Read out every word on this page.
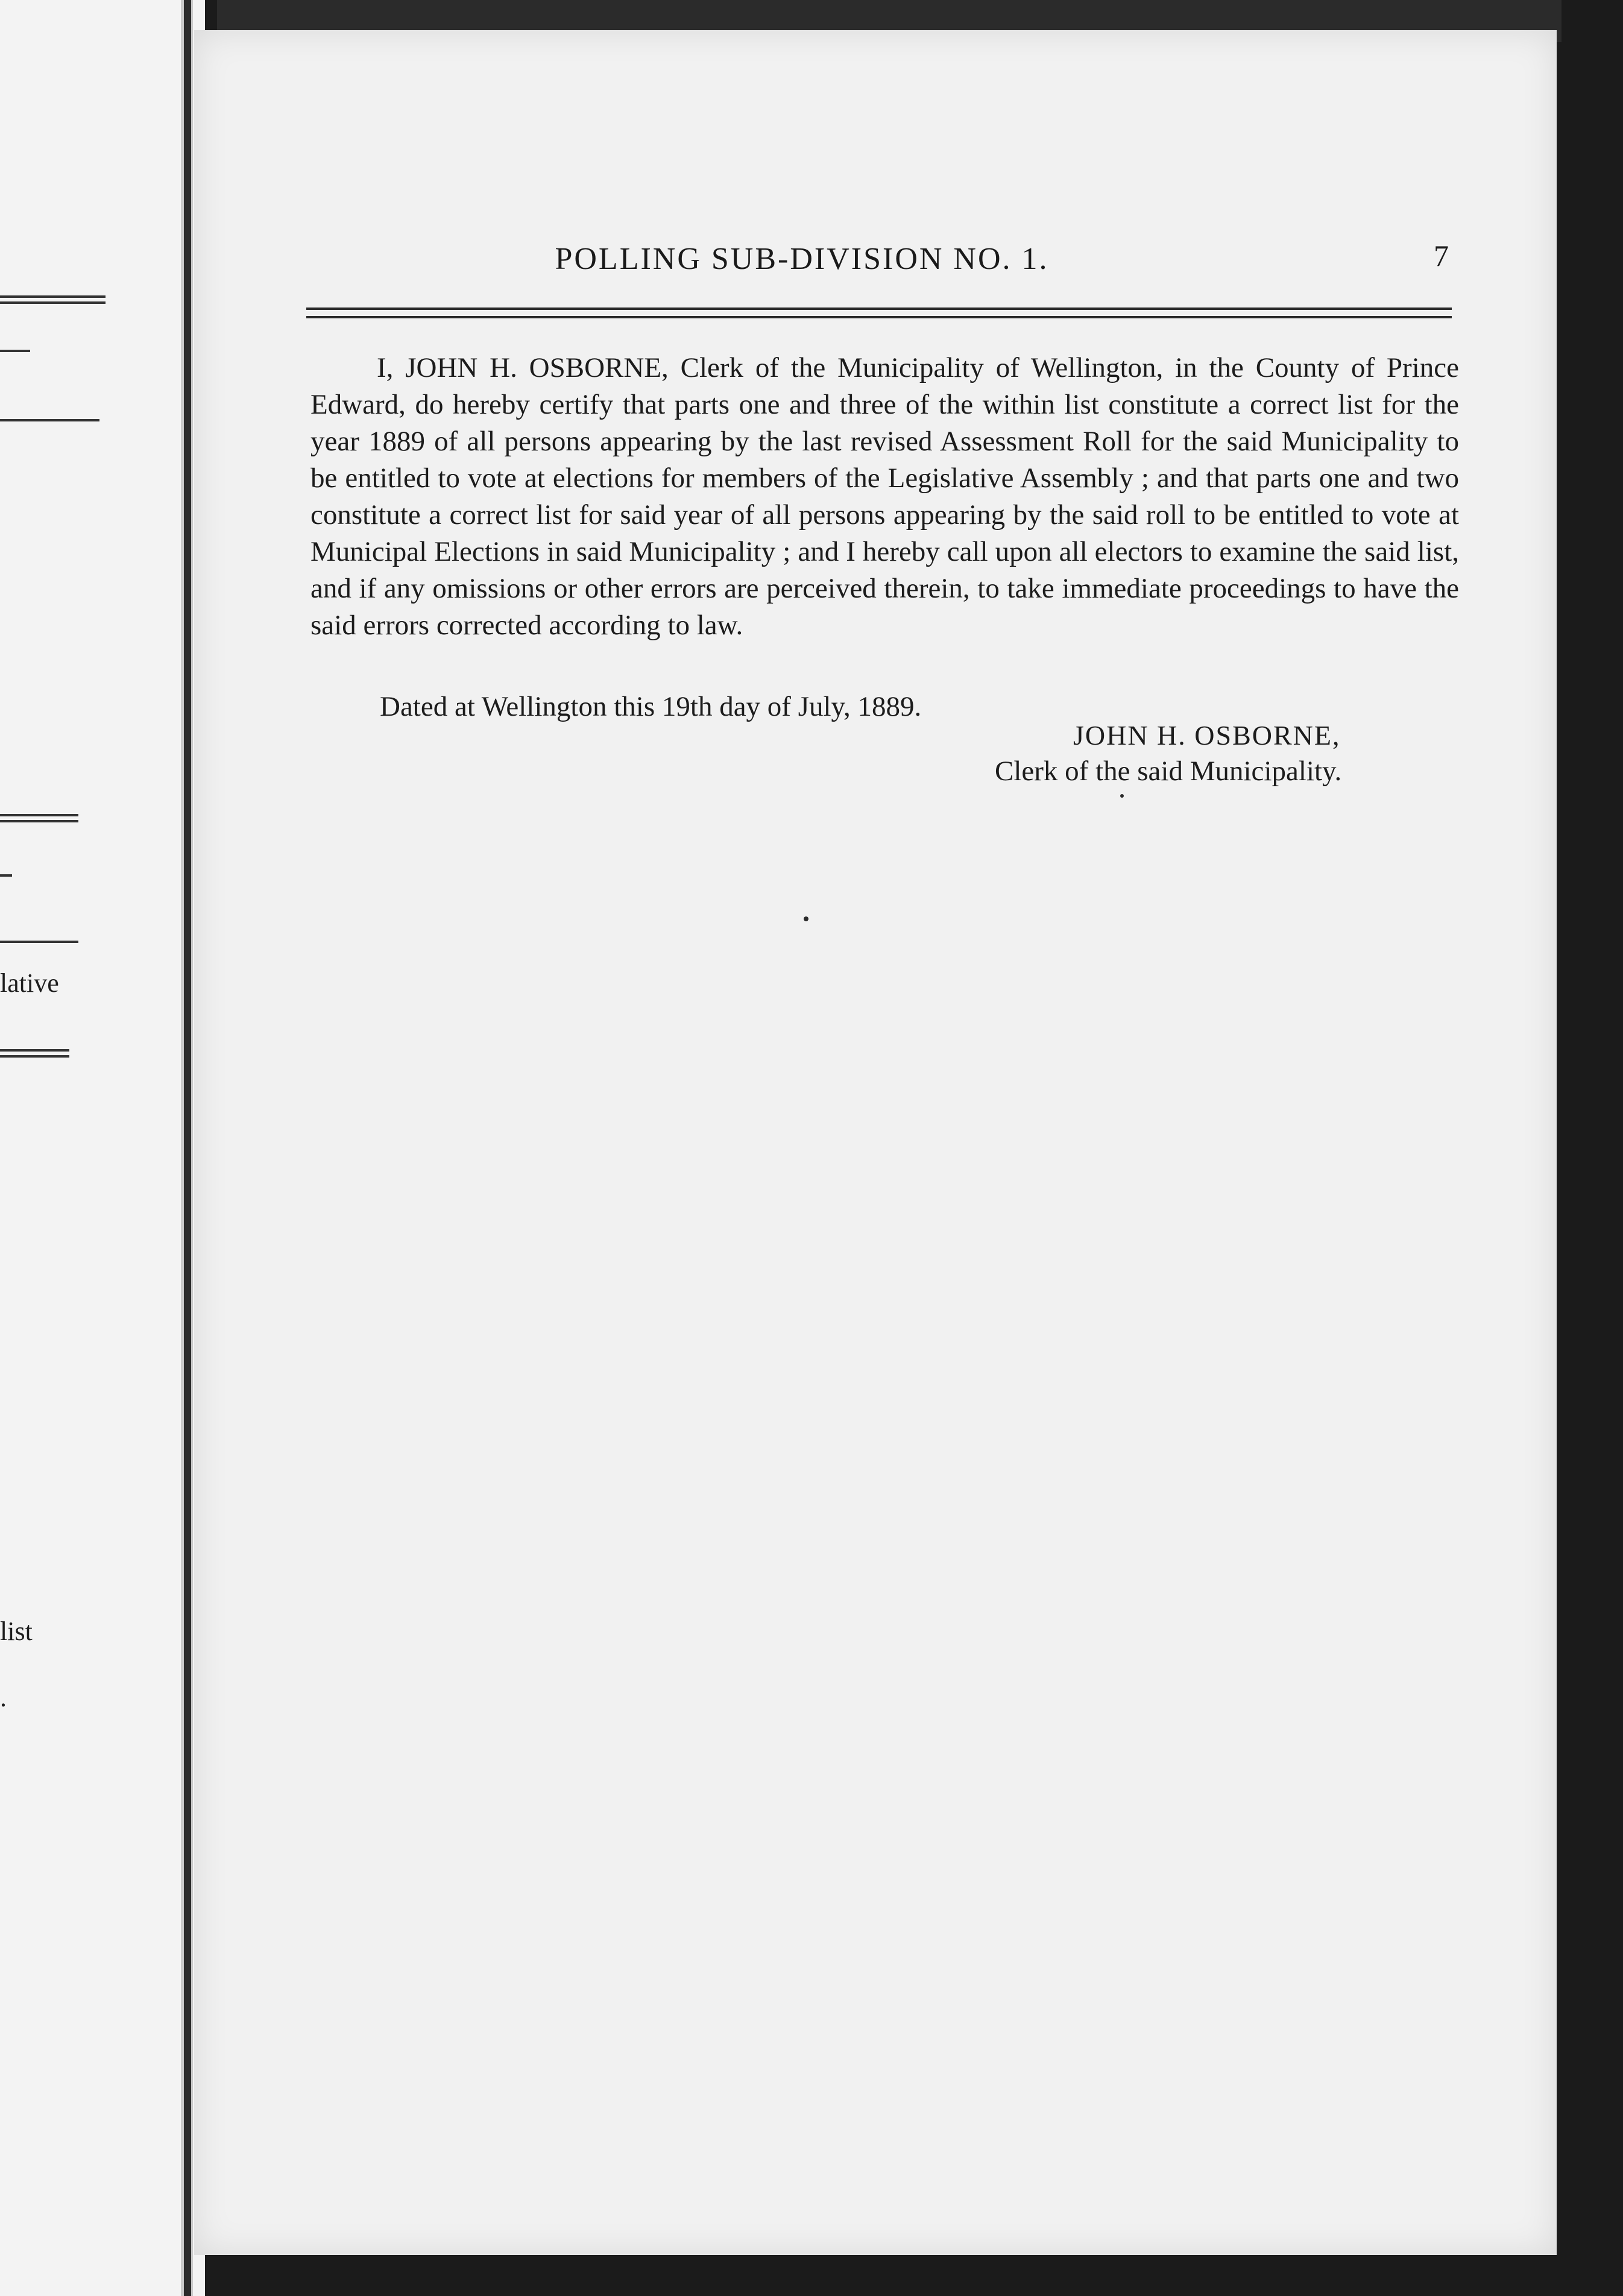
lative
list
.
POLLING SUB-DIVISION NO. 1.	7
I, JOHN H. OSBORNE, Clerk of the Municipality of Wellington, in the County of Prince Edward, do hereby certify that parts one and three of the within list constitute a correct list for the year 1889 of all persons appearing by the last revised Assessment Roll for the said Municipality to be entitled to vote at elections for members of the Legislative Assembly ; and that parts one and two constitute a correct list for said year of all persons appearing by the said roll to be entitled to vote at Municipal Elections in said Municipality ; and I hereby call upon all electors to examine the said list, and if any omissions or other errors are perceived therein, to take immediate proceedings to have the said errors corrected according to law.
Dated at Wellington this 19th day of July, 1889.
JOHN H. OSBORNE,
Clerk of the said Municipality.
